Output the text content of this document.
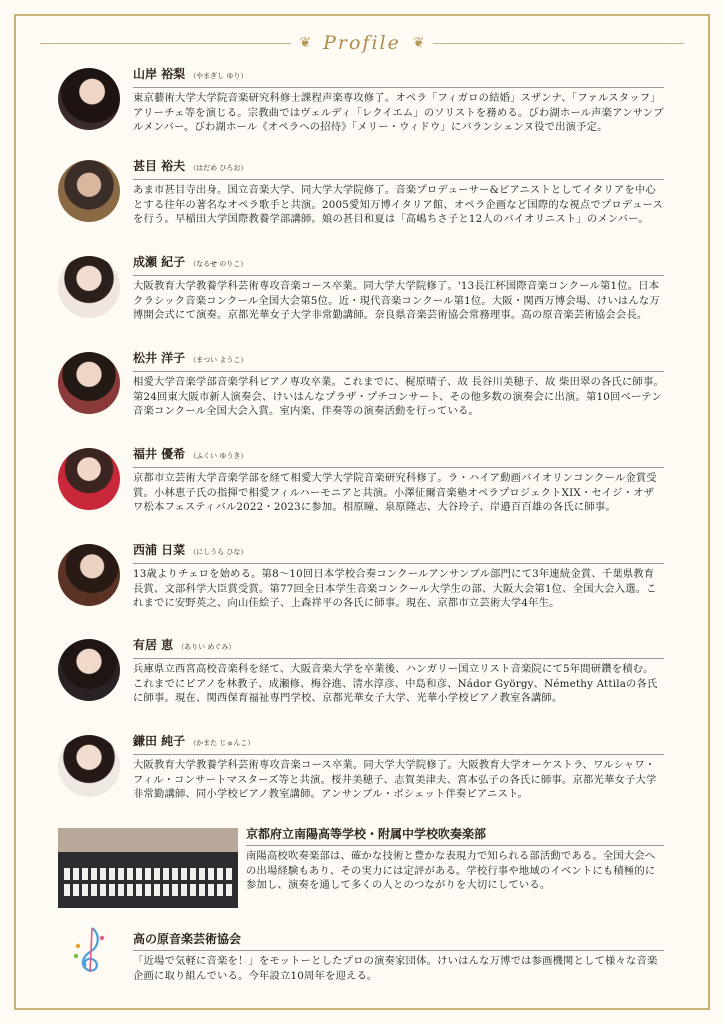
❦ Profile ❦
山岸 裕梨 （やまぎし ゆり）
東京藝術大学大学院音楽研究科修士課程声楽専攻修了。オペラ「フィガロの結婚」スザンナ、「ファルスタッフ」アリーチェ等を演じる。宗教曲ではヴェルディ「レクイエム」のソリストを務める。びわ湖ホール声楽アンサンブルメンバー。びわ湖ホール《オペラへの招待》「メリー・ウィドウ」にバランシェンヌ役で出演予定。
甚目 裕夫 （はだめ ひろお）
あま市甚目寺出身。国立音楽大学、同大学大学院修了。音楽プロデューサー&ピアニストとしてイタリアを中心とする往年の著名なオペラ歌手と共演。2005愛知万博イタリア館、オペラ企画など国際的な視点でプロデュースを行う。早稲田大学国際教養学部講師。娘の甚目和夏は「高嶋ちさ子と12人のバイオリニスト」のメンバー。
成瀬 紀子 （なるせ のりこ）
大阪教育大学教養学科芸術専攻音楽コース卒業。同大学大学院修了。'13長江杯国際音楽コンクール第1位。日本クラシック音楽コンクール全国大会第5位。近・現代音楽コンクール第1位。大阪・関西万博会場、けいはんな万博開会式にて演奏。京都光華女子大学非常勤講師。奈良県音楽芸術協会常務理事。高の原音楽芸術協会会長。
松井 洋子 （まつい ようこ）
相愛大学音楽学部音楽学科ピアノ専攻卒業。これまでに、梶原晴子、故 長谷川美穂子、故 柴田翠の各氏に師事。第24回東大阪市新人演奏会、けいはんなプラザ・プチコンサート、その他多数の演奏会に出演。第10回ベーテン音楽コンクール全国大会入賞。室内楽、伴奏等の演奏活動を行っている。
福井 優希 （ふくい ゆうき）
京都市立芸術大学音楽学部を経て相愛大学大学院音楽研究科修了。ラ・ハイア動画バイオリンコンクール金賞受賞。小林恵子氏の指揮で相愛フィルハーモニアと共演。小澤征爾音楽塾オペラプロジェクトXIX・セイジ・オザワ松本フェスティバル2022・2023に参加。相原瞳、泉原隆志、大谷玲子、岸邉百百雄の各氏に師事。
西浦 日菜 （にしうら ひな）
13歳よりチェロを始める。第8〜10回日本学校合奏コンクールアンサンブル部門にて3年連続金賞、千葉県教育長賞、文部科学大臣賞受賞。第77回全日本学生音楽コンクール大学生の部、大阪大会第1位、全国大会入選。これまでに安野英之、向山佳絵子、上森祥平の各氏に師事。現在、京都市立芸術大学4年生。
有居 恵 （ありい めぐみ）
兵庫県立西宮高校音楽科を経て、大阪音楽大学を卒業後、ハンガリー国立リスト音楽院にて5年間研鑽を積む。これまでにピアノを林教子、成瀬修、梅谷進、清水淳彦、中島和彦、Nádor György、Némethy Attilaの各氏に師事。現在、関西保育福祉専門学校、京都光華女子大学、光華小学校ピアノ教室各講師。
鎌田 純子 （かまた じゅんこ）
大阪教育大学教養学科芸術専攻音楽コース卒業。同大学大学院修了。大阪教育大学オーケストラ、ワルシャワ・フィル・コンサートマスターズ等と共演。桜井美穂子、志賀美津夫、宮本弘子の各氏に師事。京都光華女子大学非常勤講師、同小学校ピアノ教室講師。アンサンブル・ボシェット伴奏ピアニスト。
京都府立南陽高等学校・附属中学校吹奏楽部
南陽高校吹奏楽部は、確かな技術と豊かな表現力で知られる部活動である。全国大会への出場経験もあり、その実力には定評がある。学校行事や地域のイベントにも積極的に参加し、演奏を通して多くの人とのつながりを大切にしている。
高の原音楽芸術協会
「近場で気軽に音楽を！」をモットーとしたプロの演奏家団体。けいはんな万博では参画機関として様々な音楽企画に取り組んでいる。今年設立10周年を迎える。
